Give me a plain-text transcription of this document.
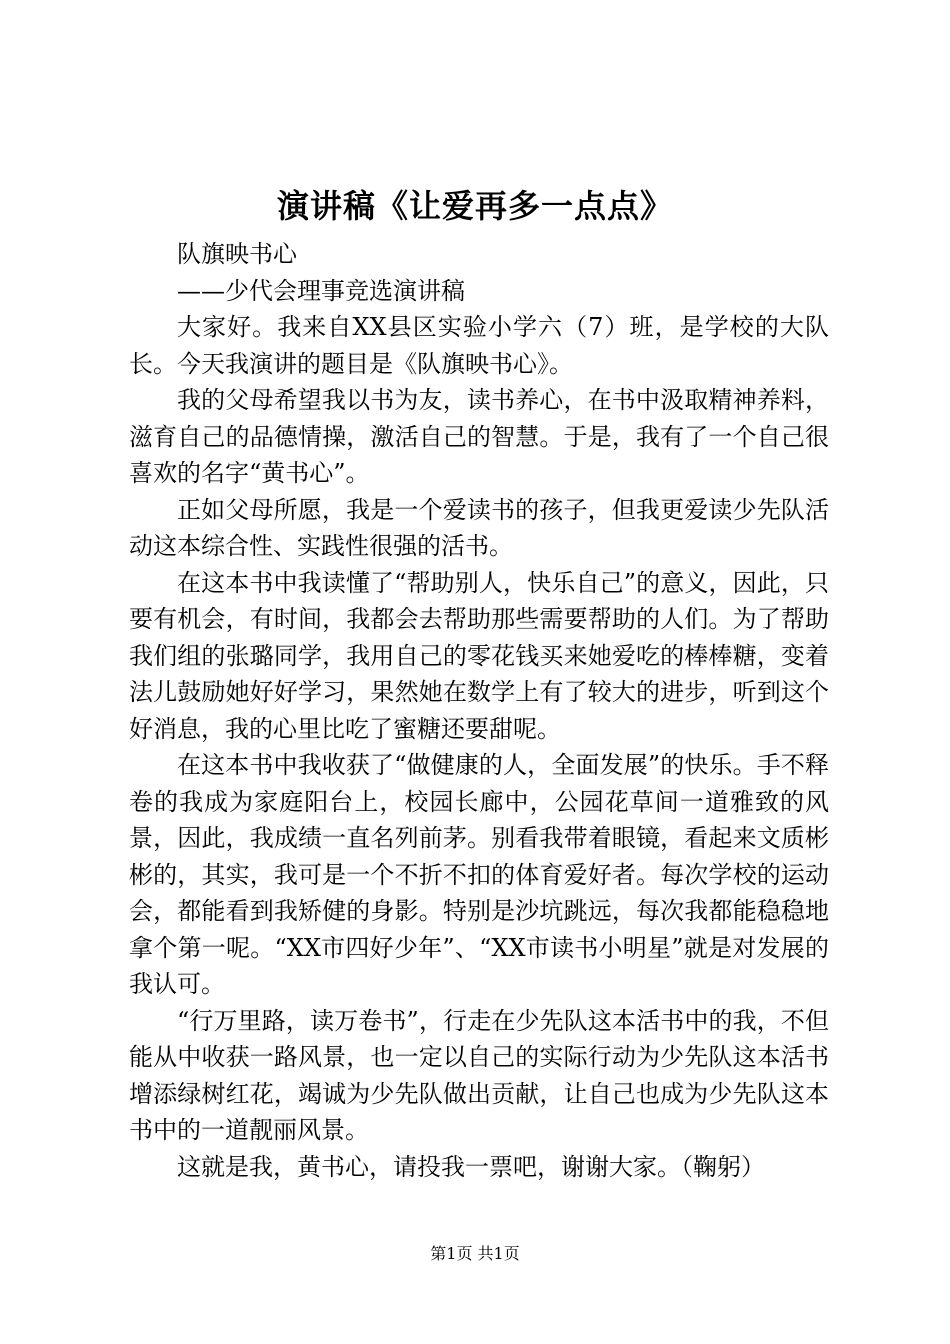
演讲稿《让爱再多一点点》

队旗映书心

——少代会理事竞选演讲稿

大家好。我来自XX县区实验小学六（7）班，是学校的大队长。今天我演讲的题目是《队旗映书心》。

我的父母希望我以书为友，读书养心，在书中汲取精神养料，滋育自己的品德情操，激活自己的智慧。于是，我有了一个自己很喜欢的名字“黄书心”。

正如父母所愿，我是一个爱读书的孩子，但我更爱读少先队活动这本综合性、实践性很强的活书。

在这本书中我读懂了“帮助别人，快乐自己”的意义，因此，只要有机会，有时间，我都会去帮助那些需要帮助的人们。为了帮助我们组的张璐同学，我用自己的零花钱买来她爱吃的棒棒糖，变着法儿鼓励她好好学习，果然她在数学上有了较大的进步，听到这个好消息，我的心里比吃了蜜糖还要甜呢。

在这本书中我收获了“做健康的人，全面发展”的快乐。手不释卷的我成为家庭阳台上，校园长廊中，公园花草间一道雅致的风景，因此，我成绩一直名列前茅。别看我带着眼镜，看起来文质彬彬的，其实，我可是一个不折不扣的体育爱好者。每次学校的运动会，都能看到我矫健的身影。特别是沙坑跳远，每次我都能稳稳地拿个第一呢。“XX市四好少年”、“XX市读书小明星”就是对发展的我认可。

“行万里路，读万卷书”，行走在少先队这本活书中的我，不但能从中收获一路风景，也一定以自己的实际行动为少先队这本活书增添绿树红花，竭诚为少先队做出贡献，让自己也成为少先队这本书中的一道靓丽风景。

这就是我，黄书心，请投我一票吧，谢谢大家。（鞠躬）

第1页 共1页
